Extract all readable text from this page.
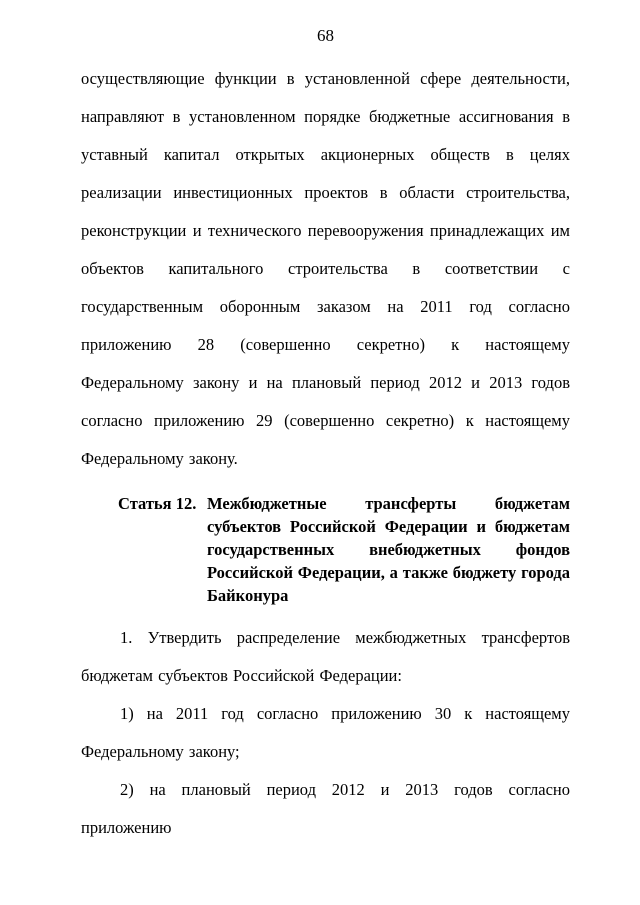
68

осуществляющие функции в установленной сфере деятельности, направляют в установленном порядке бюджетные ассигнования в уставный капитал открытых акционерных обществ в целях реализации инвестиционных проектов в области строительства, реконструкции и технического перевооружения принадлежащих им объектов капитального строительства в соответствии с государственным оборонным заказом на 2011 год согласно приложению 28 (совершенно секретно) к настоящему Федеральному закону и на плановый период 2012 и 2013 годов согласно приложению 29 (совершенно секретно) к настоящему Федеральному закону.

Статья 12. Межбюджетные трансферты бюджетам субъектов Российской Федерации и бюджетам государственных внебюджетных фондов Российской Федерации, а также бюджету города Байконура

1. Утвердить распределение межбюджетных трансфертов бюджетам субъектов Российской Федерации:

1) на 2011 год согласно приложению 30 к настоящему Федеральному закону;

2) на плановый период 2012 и 2013 годов согласно приложению
